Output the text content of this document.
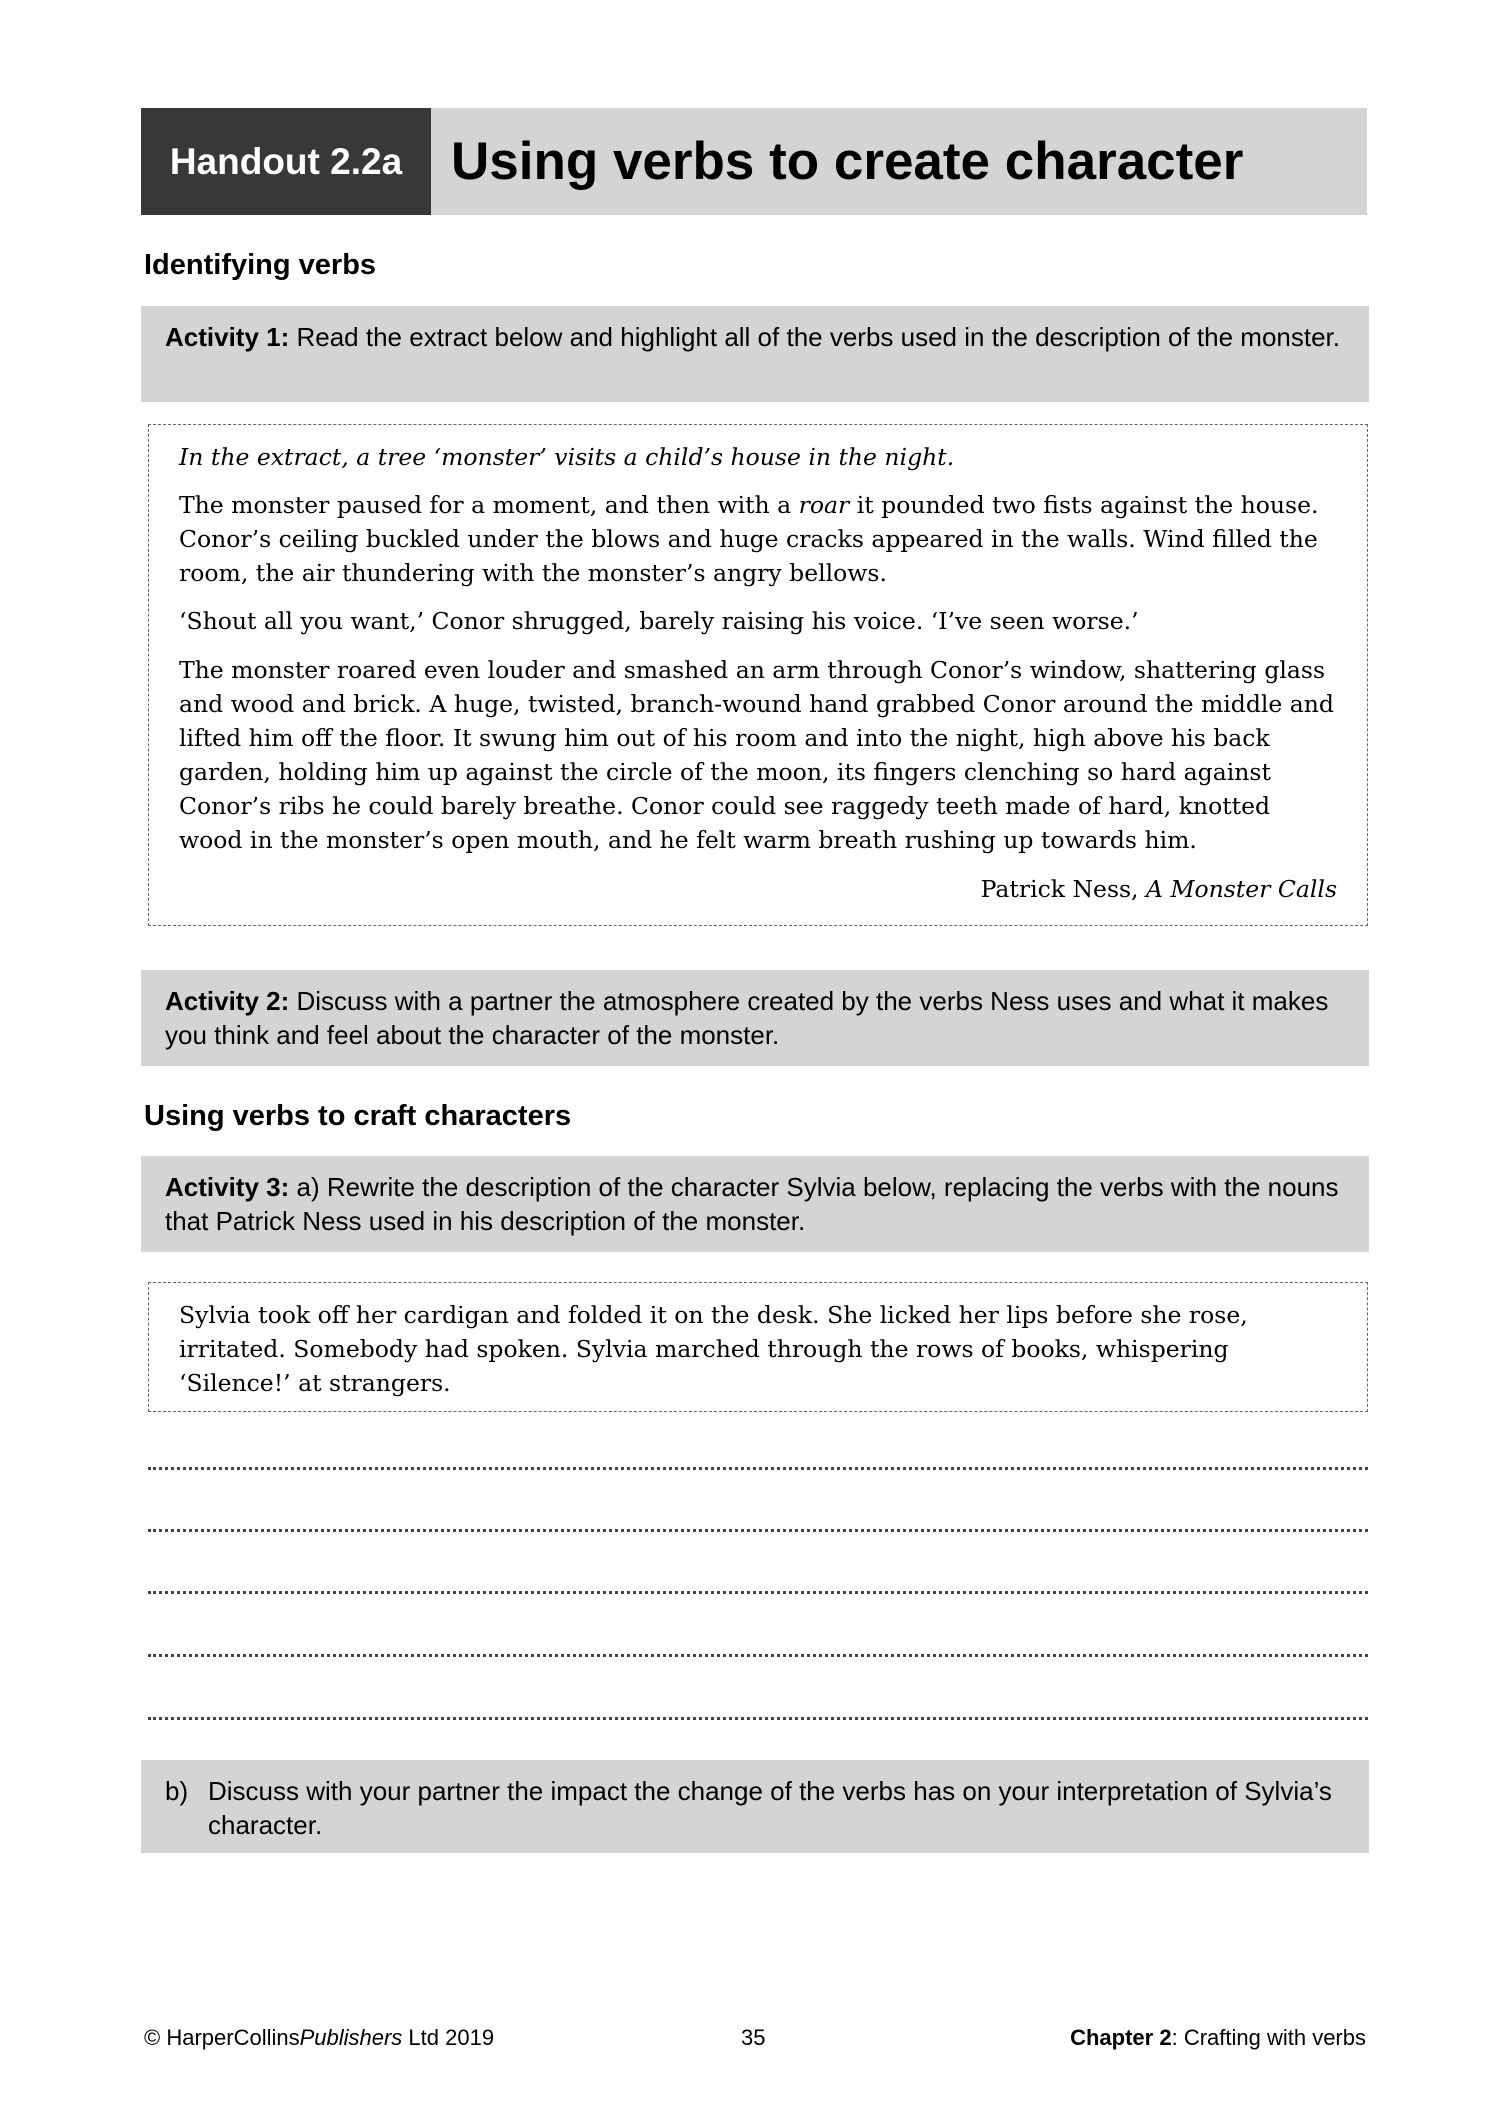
Handout 2.2a Using verbs to create character
Identifying verbs
Activity 1: Read the extract below and highlight all of the verbs used in the description of the monster.

In the extract, a tree ‘monster’ visits a child’s house in the night.

The monster paused for a moment, and then with a roar it pounded two fists against the house. Conor’s ceiling buckled under the blows and huge cracks appeared in the walls. Wind filled the room, the air thundering with the monster’s angry bellows.

‘Shout all you want,’ Conor shrugged, barely raising his voice. ‘I’ve seen worse.’

The monster roared even louder and smashed an arm through Conor’s window, shattering glass and wood and brick. A huge, twisted, branch-wound hand grabbed Conor around the middle and lifted him off the floor. It swung him out of his room and into the night, high above his back garden, holding him up against the circle of the moon, its fingers clenching so hard against Conor’s ribs he could barely breathe. Conor could see raggedy teeth made of hard, knotted wood in the monster’s open mouth, and he felt warm breath rushing up towards him.

Patrick Ness, A Monster Calls

Activity 2: Discuss with a partner the atmosphere created by the verbs Ness uses and what it makes you think and feel about the character of the monster.
Using verbs to craft characters
Activity 3: a) Rewrite the description of the character Sylvia below, replacing the verbs with the nouns that Patrick Ness used in his description of the monster.

Sylvia took off her cardigan and folded it on the desk. She licked her lips before she rose, irritated. Somebody had spoken. Sylvia marched through the rows of books, whispering ‘Silence!’ at strangers.

b) Discuss with your partner the impact the change of the verbs has on your interpretation of Sylvia’s character.
© HarperCollinsPublishers Ltd 2019	35	Chapter 2: Crafting with verbs
